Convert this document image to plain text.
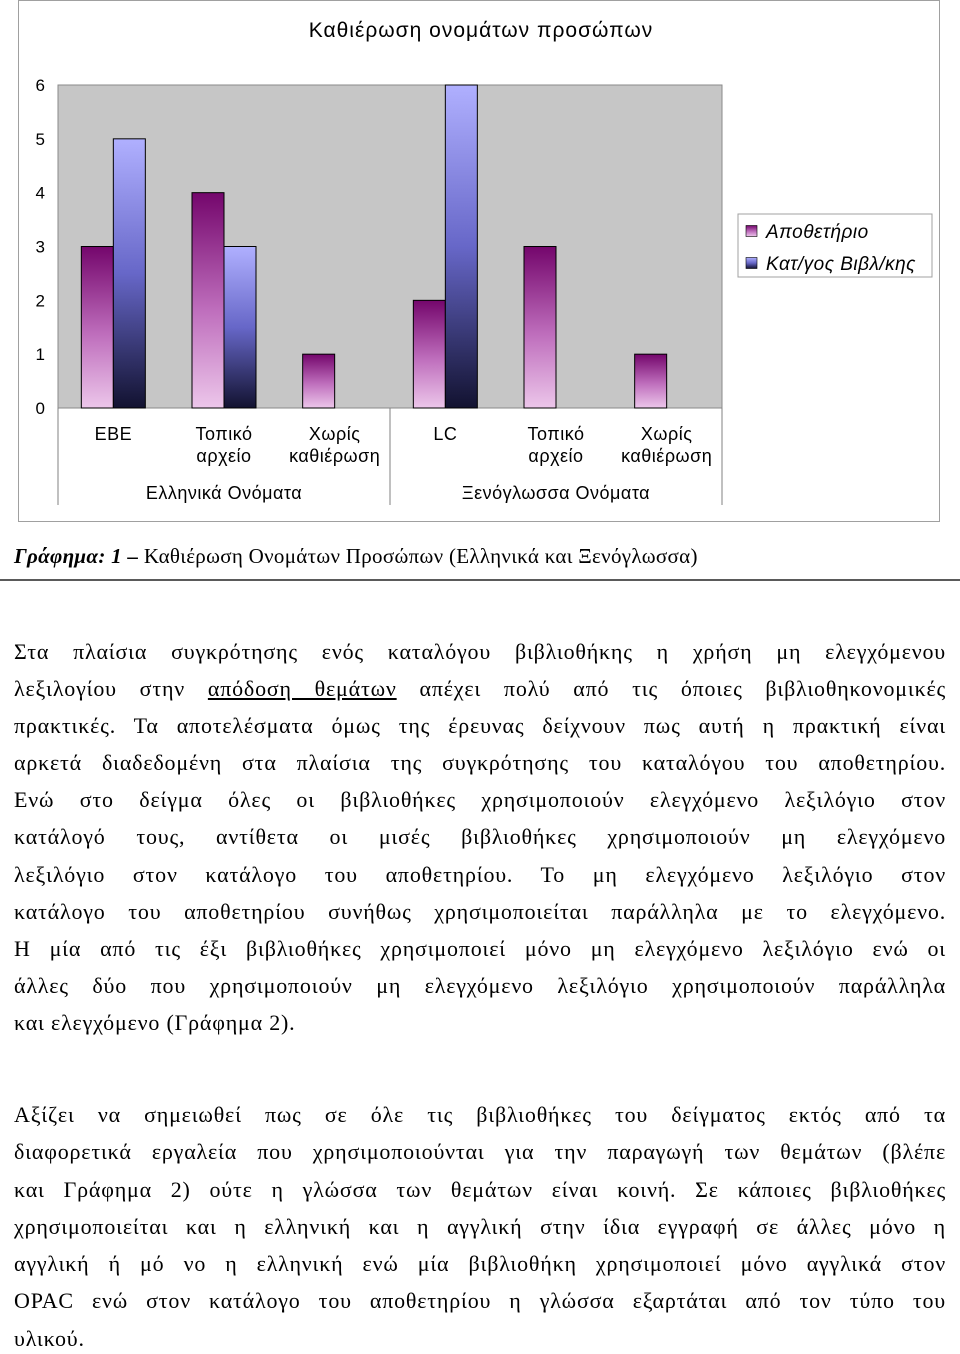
Καθιέρωση ονομάτων προσώπων
0
1
2
3
4
5
6
ΕΒΕ	Τοπικό αρχείο
Χωρίς καθιέρωση
LC	Τοπικό αρχείο
Χωρίς καθιέρωση
Ελληνικά Ονόματα	Ξενόγλωσσα Ονόματα
Αποθετήριο
Κατ/γος Βιβλ/κης
Γράφημα: 1 – Καθιέρωση Ονομάτων Προσώπων (Ελληνικά και Ξενόγλωσσα)
Στα πλαίσια συγκρότησης ενός καταλόγου βιβλιοθήκης η χρήση μη ελεγχόμενου
λεξιλογίου στην απόδοση θεμάτων απέχει πολύ από τις όποιες βιβλιοθηκονομικές
πρακτικές. Τα αποτελέσματα όμως της έρευνας δείχνουν πως αυτή η πρακτική είναι
αρκετά διαδεδομένη στα πλαίσια της συγκρότησης του καταλόγου του αποθετηρίου.
Ενώ στο δείγμα όλες οι βιβλιοθήκες χρησιμοποιούν ελεγχόμενο λεξιλόγιο στον
κατάλογό τους, αντίθετα οι μισές βιβλιοθήκες χρησιμοποιούν μη ελεγχόμενο
λεξιλόγιο στον κατάλογο του αποθετηρίου. Το μη ελεγχόμενο λεξιλόγιο στον
κατάλογο του αποθετηρίου συνήθως χρησιμοποιείται παράλληλα με το ελεγχόμενο.
Η μία από τις έξι βιβλιοθήκες χρησιμοποιεί μόνο μη ελεγχόμενο λεξιλόγιο ενώ οι
άλλες δύο που χρησιμοποιούν μη ελεγχόμενο λεξιλόγιο χρησιμοποιούν παράλληλα
και ελεγχόμενο (Γράφημα 2).
Αξίζει να σημειωθεί πως σε όλε τις βιβλιοθήκες του δείγματος εκτός από τα
διαφορετικά εργαλεία που χρησιμοποιούνται για την παραγωγή των θεμάτων (βλέπε
και Γράφημα 2) ούτε η γλώσσα των θεμάτων είναι κοινή. Σε κάποιες βιβλιοθήκες
χρησιμοποιείται και η ελληνική και η αγγλική στην ίδια εγγραφή σε άλλες μόνο η
αγγλική ή μό νο η ελληνική ενώ μία βιβλιοθήκη χρησιμοποιεί μόνο αγγλικά στον
OPAC ενώ στον κατάλογο του αποθετηρίου η γλώσσα εξαρτάται από τον τύπο του
υλικού.
